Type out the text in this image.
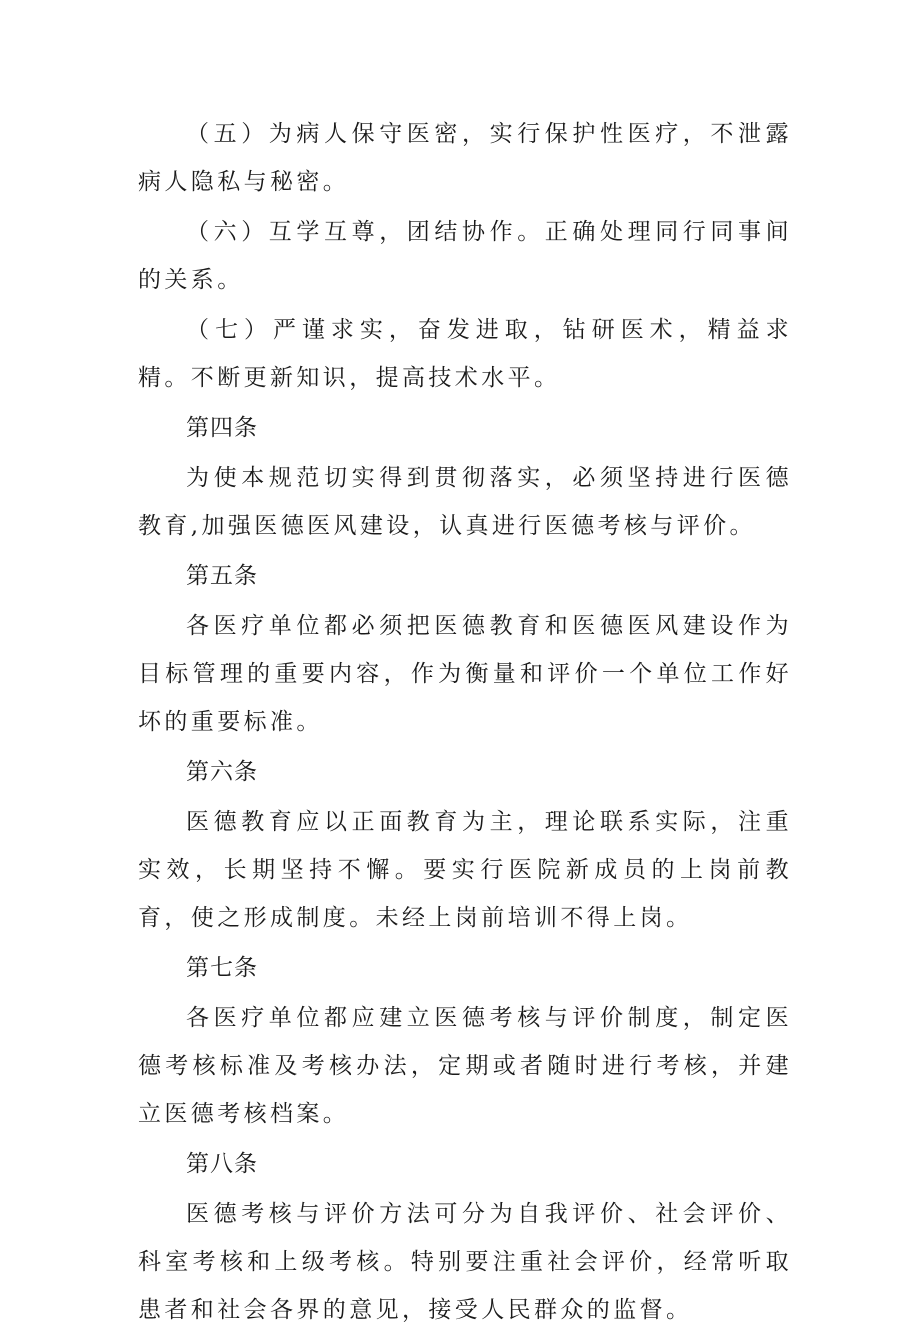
（五）为病人保守医密，实行保护性医疗，不泄露病人隐私与秘密。

（六）互学互尊，团结协作。正确处理同行同事间的关系。

（七）严谨求实，奋发进取，钻研医术，精益求精。不断更新知识，提高技术水平。

第四条

为使本规范切实得到贯彻落实，必须坚持进行医德教育,加强医德医风建设，认真进行医德考核与评价。

第五条

各医疗单位都必须把医德教育和医德医风建设作为目标管理的重要内容，作为衡量和评价一个单位工作好坏的重要标准。

第六条

医德教育应以正面教育为主，理论联系实际，注重实效，长期坚持不懈。要实行医院新成员的上岗前教育，使之形成制度。未经上岗前培训不得上岗。

第七条

各医疗单位都应建立医德考核与评价制度，制定医德考核标准及考核办法，定期或者随时进行考核，并建立医德考核档案。

第八条

医德考核与评价方法可分为自我评价、社会评价、科室考核和上级考核。特别要注重社会评价，经常听取患者和社会各界的意见，接受人民群众的监督。
